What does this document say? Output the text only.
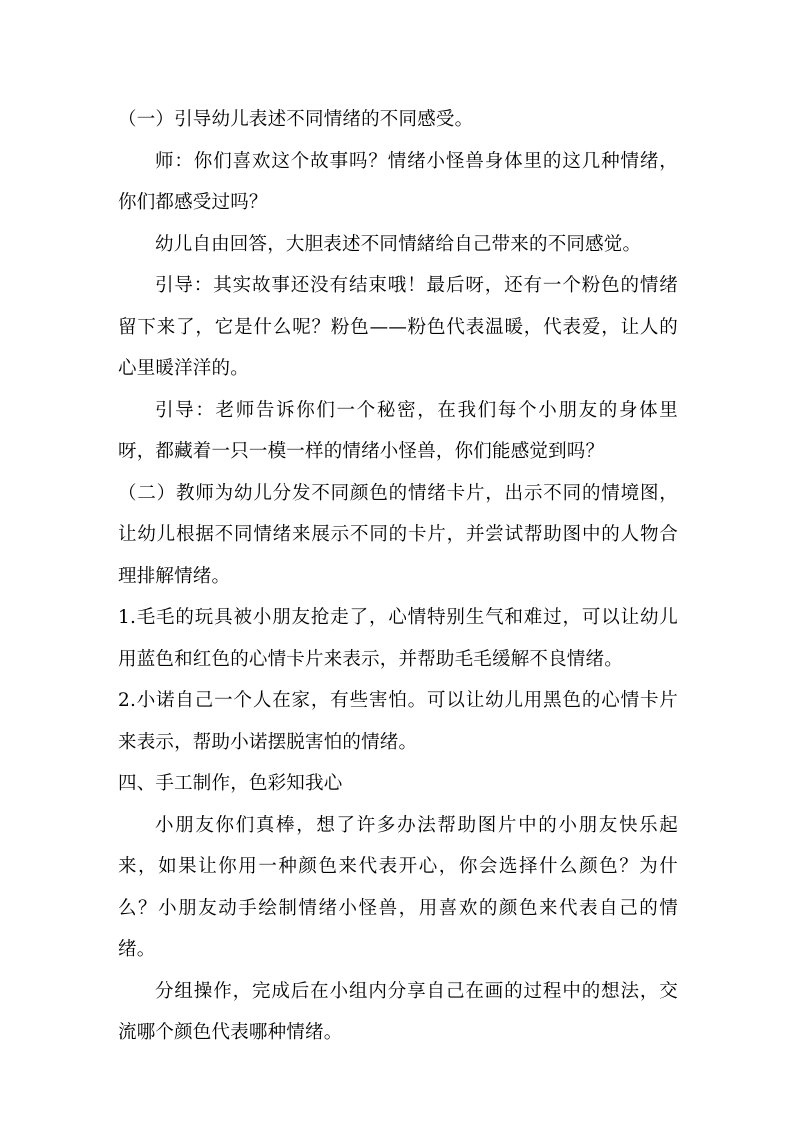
（一）引导幼儿表述不同情绪的不同感受。

师：你们喜欢这个故事吗？情绪小怪兽身体里的这几种情绪，你们都感受过吗？

幼儿自由回答，大胆表述不同情緒给自己带来的不同感觉。

引导：其实故事还没有结束哦！最后呀，还有一个粉色的情绪留下来了，它是什么呢？粉色——粉色代表温暖，代表爱，让人的心里暖洋洋的。

引导：老师告诉你们一个秘密，在我们每个小朋友的身体里呀，都藏着一只一模一样的情绪小怪兽，你们能感觉到吗？

（二）教师为幼儿分发不同颜色的情绪卡片，出示不同的情境图，让幼儿根据不同情绪来展示不同的卡片，并尝试帮助图中的人物合理排解情绪。

1.毛毛的玩具被小朋友抢走了，心情特别生气和难过，可以让幼儿用蓝色和红色的心情卡片来表示，并帮助毛毛缓解不良情绪。

2.小诺自己一个人在家，有些害怕。可以让幼儿用黑色的心情卡片来表示，帮助小诺摆脱害怕的情绪。

四、手工制作，色彩知我心

小朋友你们真棒，想了许多办法帮助图片中的小朋友快乐起来，如果让你用一种颜色来代表开心，你会选择什么颜色？为什么？小朋友动手绘制情绪小怪兽，用喜欢的颜色来代表自己的情绪。

分组操作，完成后在小组内分享自己在画的过程中的想法，交流哪个颜色代表哪种情绪。
